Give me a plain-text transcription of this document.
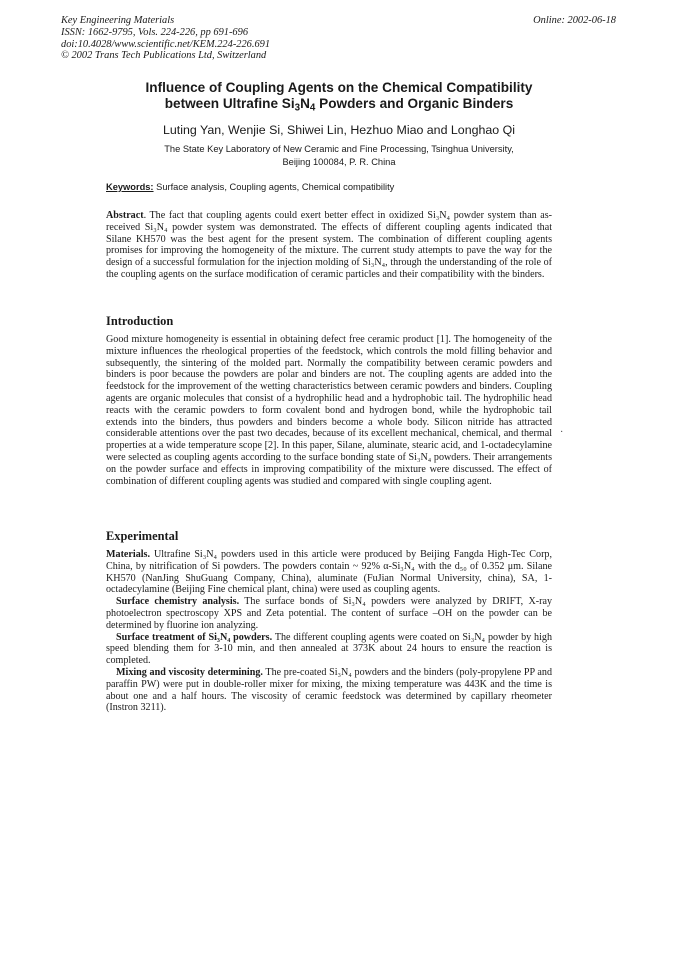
Key Engineering Materials
ISSN: 1662-9795, Vols. 224-226, pp 691-696
doi:10.4028/www.scientific.net/KEM.224-226.691
© 2002 Trans Tech Publications Ltd, Switzerland
Online: 2002-06-18
Influence of Coupling Agents on the Chemical Compatibility
between Ultrafine $Si_3N_4$ Powders and Organic Binders
Luting Yan, Wenjie Si, Shiwei Lin, Hezhuo Miao and Longhao Qi
The State Key Laboratory of New Ceramic and Fine Processing, Tsinghua University,
Beijing 100084, P. R. China
Keywords: Surface analysis, Coupling agents, Chemical compatibility
Abstract. The fact that coupling agents could exert better effect in oxidized Si₃N₄ powder system than as-received Si₃N₄ powder system was demonstrated. The effects of different coupling agents indicated that Silane KH570 was the best agent for the present system. The combination of different coupling agents promises for improving the homogeneity of the mixture. The current study attempts to pave the way for the design of a successful formulation for the injection molding of Si₃N₄, through the understanding of the role of the coupling agents on the surface modification of ceramic particles and their compatibility with the binders.
Introduction
Good mixture homogeneity is essential in obtaining defect free ceramic product [1]. The homogeneity of the mixture influences the rheological properties of the feedstock, which controls the mold filling behavior and subsequently, the sintering of the molded part. Normally the compatibility between ceramic powders and binders is poor because the powders are polar and binders are not. The coupling agents are added into the feedstock for the improvement of the wetting characteristics between ceramic powders and binders. Coupling agents are organic molecules that consist of a hydrophilic head and a hydrophobic tail. The hydrophilic head reacts with the ceramic powders to form covalent bond and hydrogen bond, while the hydrophobic tail extends into the binders, thus powders and binders become a whole body. Silicon nitride has attracted considerable attentions over the past two decades, because of its excellent mechanical, chemical, and thermal properties at a wide temperature scope [2]. In this paper, Silane, aluminate, stearic acid, and 1-octadecylamine were selected as coupling agents according to the surface bonding state of Si₃N₄ powders. Their arrangements on the powder surface and effects in improving compatibility of the mixture were discussed. The effect of combination of different coupling agents was studied and compared with single coupling agent.
·
Experimental

Materials. Ultrafine Si₃N₄ powders used in this article were produced by Beijing Fangda High-Tec Corp, China, by nitrification of Si powders. The powders contain ~ 92% α-Si₃N₄ with the d₅₀ of 0.352 μm. Silane KH570 (NanJing ShuGuang Company, China), aluminate (FuJian Normal University, china), SA, 1-octadecylamine (Beijing Fine chemical plant, china) were used as coupling agents.

Surface chemistry analysis. The surface bonds of Si₃N₄ powders were analyzed by DRIFT, X-ray photoelectron spectroscopy XPS and Zeta potential. The content of surface –OH on the powder can be determined by fluorine ion analyzing.

Surface treatment of Si₃N₄ powders. The different coupling agents were coated on Si₃N₄ powder by high speed blending them for 3-10 min, and then annealed at 373K about 24 hours to ensure the reaction is completed.

Mixing and viscosity determining. The pre-coated Si₃N₄ powders and the binders (poly-propylene PP and paraffin PW) were put in double-roller mixer for mixing, the mixing temperature was 443K and the time is about one and a half hours. The viscosity of ceramic feedstock was determined by capillary rheometer (Instron 3211).
